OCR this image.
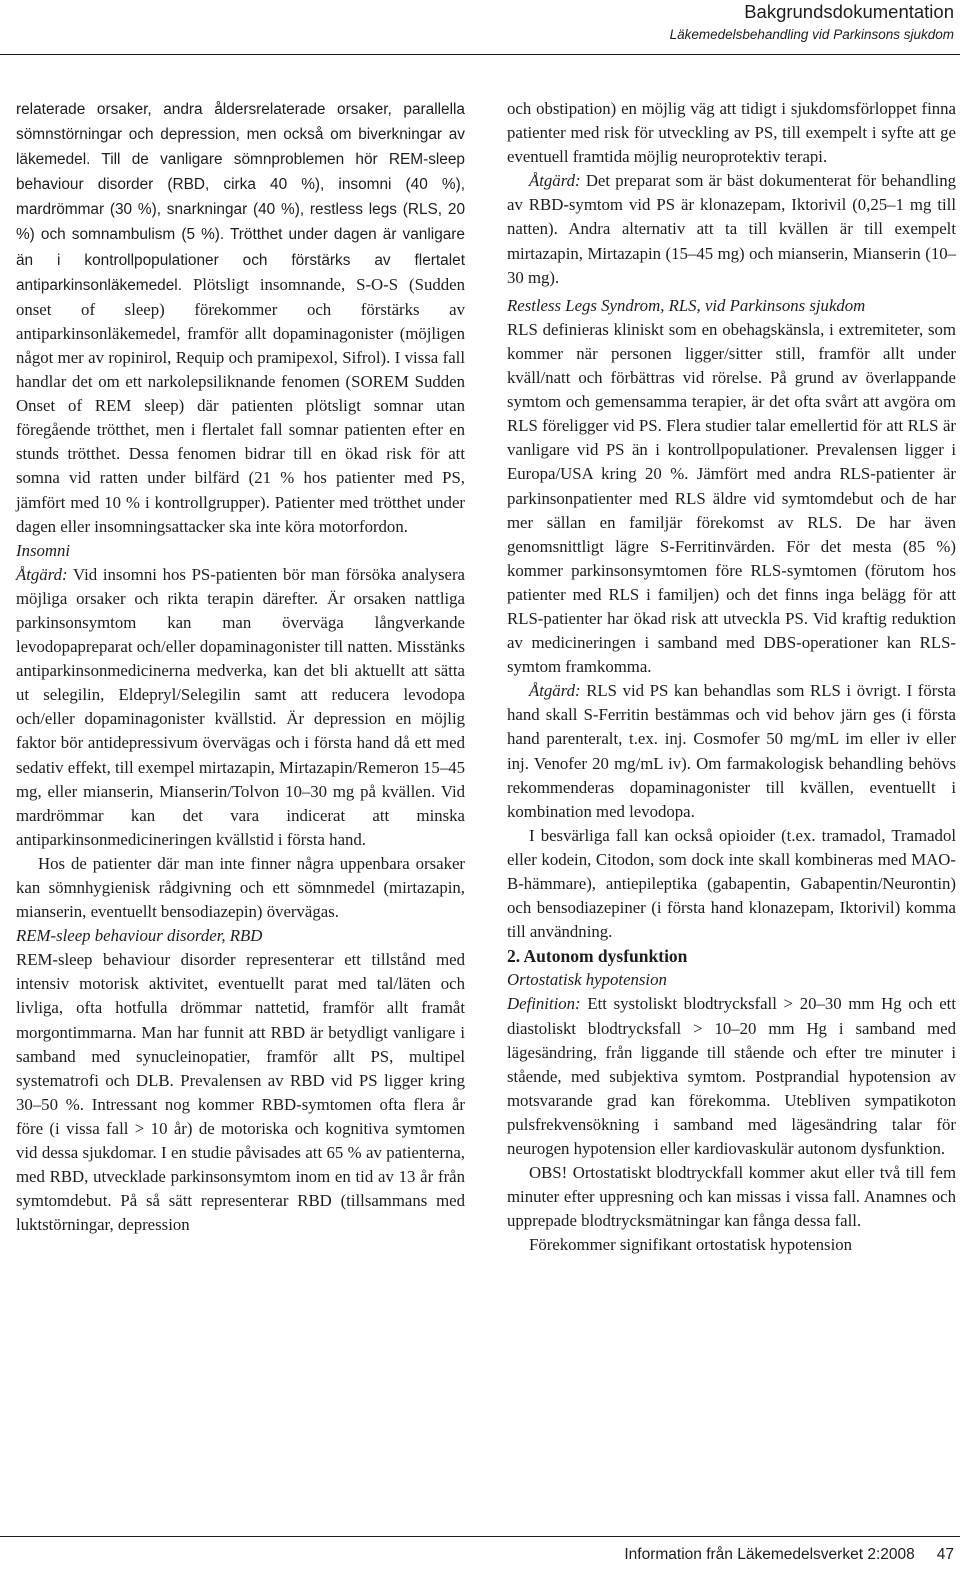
Bakgrundsdokumentation
Läkemedelsbehandling vid Parkinsons sjukdom

relaterade orsaker, andra åldersrelaterade orsaker, parallella sömnstörningar och depression, men också om biverkningar av läkemedel. Till de vanligare sömnproblemen hör REM-sleep behaviour disorder (RBD, cirka 40 %), insomni (40 %), mardrömmar (30 %), snarkningar (40 %), restless legs (RLS, 20 %) och somnambulism (5 %). Trötthet under dagen är vanligare än i kontrollpopulationer och förstärks av flertalet antiparkinsonläkemedel. Plötsligt insomnande, S-O-S (Sudden onset of sleep) förekommer och förstärks av antiparkinsonläkemedel, framför allt dopaminagonister (möjligen något mer av ropinirol, Requip och pramipexol, Sifrol). I vissa fall handlar det om ett narkolepsiliknande fenomen (SOREM Sudden Onset of REM sleep) där patienten plötsligt somnar utan föregående trötthet, men i flertalet fall somnar patienten efter en stunds trötthet. Dessa fenomen bidrar till en ökad risk för att somna vid ratten under bilfärd (21 % hos patienter med PS, jämfört med 10 % i kontrollgrupper). Patienter med trötthet under dagen eller insomningsattacker ska inte köra motorfordon.

Insomni

Åtgärd: Vid insomni hos PS-patienten bör man försöka analysera möjliga orsaker och rikta terapin därefter. Är orsaken nattliga parkinsonsymtom kan man överväga långverkande levodopapreparat och/eller dopaminagonister till natten. Misstänks antiparkinsonmedicinerna medverka, kan det bli aktuellt att sätta ut selegilin, Eldepryl/Selegilin samt att reducera levodopa och/eller dopaminagonister kvällstid. Är depression en möjlig faktor bör antidepressivum övervägas och i första hand då ett med sedativ effekt, till exempel mirtazapin, Mirtazapin/Remeron 15–45 mg, eller mianserin, Mianserin/Tolvon 10–30 mg på kvällen. Vid mardrömmar kan det vara indicerat att minska antiparkinsonmedicineringen kvällstid i första hand.

Hos de patienter där man inte finner några uppenbara orsaker kan sömnhygienisk rådgivning och ett sömnmedel (mirtazapin, mianserin, eventuellt bensodiazepin) övervägas.

REM-sleep behaviour disorder, RBD

REM-sleep behaviour disorder representerar ett tillstånd med intensiv motorisk aktivitet, eventuellt parat med tal/läten och livliga, ofta hotfulla drömmar nattetid, framför allt framåt morgontimmarna. Man har funnit att RBD är betydligt vanligare i samband med synucleinopatier, framför allt PS, multipel systematrofi och DLB. Prevalensen av RBD vid PS ligger kring 30–50 %. Intressant nog kommer RBD-symtomen ofta flera år före (i vissa fall > 10 år) de motoriska och kognitiva symtomen vid dessa sjukdomar. I en studie påvisades att 65 % av patienterna, med RBD, utvecklade parkinsonsymtom inom en tid av 13 år från symtomdebut. På så sätt representerar RBD (tillsammans med luktstörningar, depression

och obstipation) en möjlig väg att tidigt i sjukdomsförloppet finna patienter med risk för utveckling av PS, till exempelt i syfte att ge eventuell framtida möjlig neuroprotektiv terapi.

Åtgärd: Det preparat som är bäst dokumenterat för behandling av RBD-symtom vid PS är klonazepam, Iktorivil (0,25–1 mg till natten). Andra alternativ att ta till kvällen är till exempelt mirtazapin, Mirtazapin (15–45 mg) och mianserin, Mianserin (10–30 mg).

Restless Legs Syndrom, RLS, vid Parkinsons sjukdom

RLS definieras kliniskt som en obehagskänsla, i extremiteter, som kommer när personen ligger/sitter still, framför allt under kväll/natt och förbättras vid rörelse. På grund av överlappande symtom och gemensamma terapier, är det ofta svårt att avgöra om RLS föreligger vid PS. Flera studier talar emellertid för att RLS är vanligare vid PS än i kontrollpopulationer. Prevalensen ligger i Europa/USA kring 20 %. Jämfört med andra RLS-patienter är parkinsonpatienter med RLS äldre vid symtomdebut och de har mer sällan en familjär förekomst av RLS. De har även genomsnittligt lägre S-Ferritinvärden. För det mesta (85 %) kommer parkinsonsymtomen före RLS-symtomen (förutom hos patienter med RLS i familjen) och det finns inga belägg för att RLS-patienter har ökad risk att utveckla PS. Vid kraftig reduktion av medicineringen i samband med DBS-operationer kan RLS-symtom framkomma.

Åtgärd: RLS vid PS kan behandlas som RLS i övrigt. I första hand skall S-Ferritin bestämmas och vid behov järn ges (i första hand parenteralt, t.ex. inj. Cosmofer 50 mg/mL im eller iv eller inj. Venofer 20 mg/mL iv). Om farmakologisk behandling behövs rekommenderas dopaminagonister till kvällen, eventuellt i kombination med levodopa.

I besvärliga fall kan också opioider (t.ex. tramadol, Tramadol eller kodein, Citodon, som dock inte skall kombineras med MAO-B-hämmare), antiepileptika (gabapentin, Gabapentin/Neurontin) och bensodiazepiner (i första hand klonazepam, Iktorivil) komma till användning.

2. Autonom dysfunktion

Ortostatisk hypotension

Definition: Ett systoliskt blodtrycksfall > 20–30 mm Hg och ett diastoliskt blodtrycksfall > 10–20 mm Hg i samband med lägesändring, från liggande till stående och efter tre minuter i stående, med subjektiva symtom. Postprandial hypotension av motsvarande grad kan förekomma. Utebliven sympatikoton pulsfrekvensökning i samband med lägesändring talar för neurogen hypotension eller kardiovaskulär autonom dysfunktion.

OBS! Ortostatiskt blodtryckfall kommer akut eller två till fem minuter efter uppresning och kan missas i vissa fall. Anamnes och upprepade blodtrycksmätningar kan fånga dessa fall.

Förekommer signifikant ortostatisk hypotension

Information från Läkemedelsverket 2:2008 47
